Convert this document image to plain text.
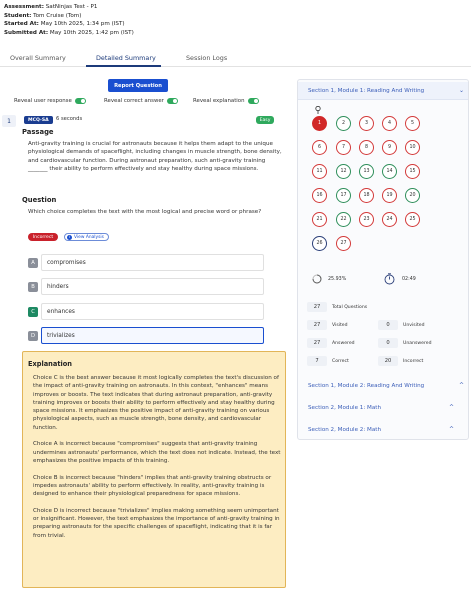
Assessment: SatNinjas Test - P1
Student: Tom Cruise (Tom)
Started At: May 10th 2025, 1:34 pm (IST)
Submitted At: May 10th 2025, 1:42 pm (IST)
Overall Summary	Detailed Summary	Session Logs
Report Question
Reveal user response	Reveal correct answer	Reveal explanation
1	MCQ-SA	6 seconds	Easy
Passage
Anti-gravity training is crucial for astronauts because it helps them adapt to the unique physiological demands of spaceflight, including changes in muscle strength, bone density, and cardiovascular function. During astronaut preparation, such anti-gravity training _______ their ability to perform effectively and stay healthy during space missions.
Question
Which choice completes the text with the most logical and precise word or phrase?
Incorrect	i View Analysis
A	compromises
B	hinders
C	enhances
D	trivializes
Explanation

Choice C is the best answer because it most logically completes the text's discussion of the impact of anti-gravity training on astronauts. In this context, "enhances" means improves or boosts. The text indicates that during astronaut preparation, anti-gravity training improves or boosts their ability to perform effectively and stay healthy during space missions. It emphasizes the positive impact of anti-gravity training on various physiological aspects, such as muscle strength, bone density, and cardiovascular function.

Choice A is incorrect because "compromises" suggests that anti-gravity training undermines astronauts' performance, which the text does not indicate. Instead, the text emphasizes the positive impacts of this training.

Choice B is incorrect because "hinders" implies that anti-gravity training obstructs or impedes astronauts' ability to perform effectively. In reality, anti-gravity training is designed to enhance their physiological preparedness for space missions.

Choice D is incorrect because "trivializes" implies making something seem unimportant or insignificant. However, the text emphasizes the importance of anti-gravity training in preparing astronauts for the specific challenges of spaceflight, indicating that it is far from trivial.

Section 1, Module 1: Reading And Writing	⌄
1	2	3	4	5
6	7	8	9	10
11	12	13	14	15
16	17	18	19	20
21	22	23	24	25
26	27
25.93%	02:49
27	Total Questions
27	Visited	0	Unvisited
27	Answered	0	Unanswered
7	Correct	20	Incorrect
Section 1, Module 2: Reading And Writing	^
Section 2, Module 1: Math	^
Section 2, Module 2: Math	^
